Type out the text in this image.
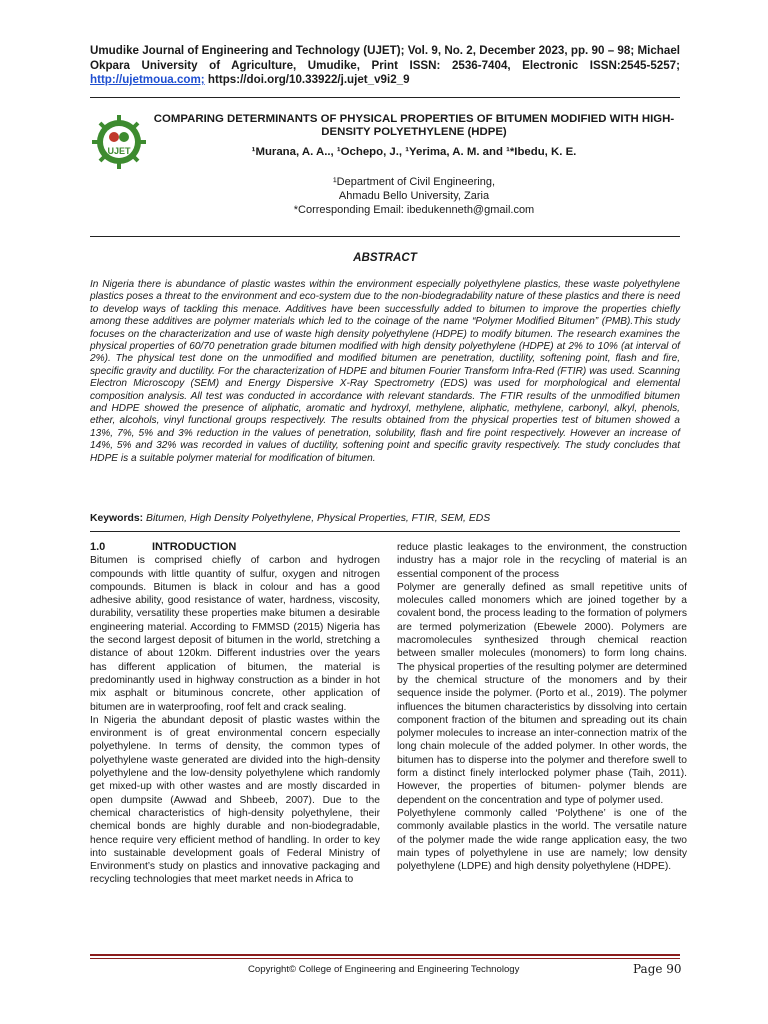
Umudike Journal of Engineering and Technology (UJET); Vol. 9, No. 2, December 2023, pp. 90 – 98; Michael Okpara University of Agriculture, Umudike, Print ISSN: 2536-7404, Electronic ISSN:2545-5257; http://ujetmoua.com; https://doi.org/10.33922/j.ujet_v9i2_9
UJET
COMPARING DETERMINANTS OF PHYSICAL PROPERTIES OF BITUMEN MODIFIED WITH HIGH-DENSITY POLYETHYLENE (HDPE)
¹Murana, A. A.., ¹Ochepo, J., ¹Yerima, A. M. and ¹*Ibedu, K. E.
¹Department of Civil Engineering,
Ahmadu Bello University, Zaria
*Corresponding Email: ibedukenneth@gmail.com
ABSTRACT
In Nigeria there is abundance of plastic wastes within the environment especially polyethylene plastics, these waste polyethylene plastics poses a threat to the environment and eco-system due to the non-biodegradability nature of these plastics and there is need to develop ways of tackling this menace. Additives have been successfully added to bitumen to improve the properties chiefly among these additives are polymer materials which led to the coinage of the name “Polymer Modified Bitumen” (PMB).This study focuses on the characterization and use of waste high density polyethylene (HDPE) to modify bitumen. The research examines the physical properties of 60/70 penetration grade bitumen modified with high density polyethylene (HDPE) at 2% to 10% (at interval of 2%). The physical test done on the unmodified and modified bitumen are penetration, ductility, softening point, flash and fire, specific gravity and ductility. For the characterization of HDPE and bitumen Fourier Transform Infra-Red (FTIR) was used. Scanning Electron Microscopy (SEM) and Energy Dispersive X-Ray Spectrometry (EDS) was used for morphological and elemental composition analysis. All test was conducted in accordance with relevant standards. The FTIR results of the unmodified bitumen and HDPE showed the presence of aliphatic, aromatic and hydroxyl, methylene, aliphatic, methylene, carbonyl, alkyl, phenols, ether, alcohols, vinyl functional groups respectively. The results obtained from the physical properties test of bitumen showed a 13%, 7%, 5% and 3% reduction in the values of penetration, solubility, flash and fire point respectively. However an increase of 14%, 5% and 32% was recorded in values of ductility, softening point and specific gravity respectively. The study concludes that HDPE is a suitable polymer material for modification of bitumen.
Keywords: Bitumen, High Density Polyethylene, Physical Properties, FTIR, SEM, EDS
1.0	INTRODUCTION

Bitumen is comprised chiefly of carbon and hydrogen compounds with little quantity of sulfur, oxygen and nitrogen compounds. Bitumen is black in colour and has a good adhesive ability, good resistance of water, hardness, viscosity, durability, versatility these properties make bitumen a desirable engineering material. According to FMMSD (2015) Nigeria has the second largest deposit of bitumen in the world, stretching a distance of about 120km. Different industries over the years has different application of bitumen, the material is predominantly used in highway construction as a binder in hot mix asphalt or bituminous concrete, other application of bitumen are in waterproofing, roof felt and crack sealing.

In Nigeria the abundant deposit of plastic wastes within the environment is of great environmental concern especially polyethylene. In terms of density, the common types of polyethylene waste generated are divided into the high-density polyethylene and the low-density polyethylene which randomly get mixed-up with other wastes and are mostly discarded in open dumpsite (Awwad and Shbeeb, 2007). Due to the chemical characteristics of high-density polyethylene, their chemical bonds are highly durable and non-biodegradable, hence require very efficient method of handling. In order to key into sustainable development goals of Federal Ministry of Environment’s study on plastics and innovative packaging and recycling technologies that meet market needs in Africa to

reduce plastic leakages to the environment, the construction industry has a major role in the recycling of material is an essential component of the process

Polymer are generally defined as small repetitive units of molecules called monomers which are joined together by a covalent bond, the process leading to the formation of polymers are termed polymerization (Ebewele 2000). Polymers are macromolecules synthesized through chemical reaction between smaller molecules (monomers) to form long chains. The physical properties of the resulting polymer are determined by the chemical structure of the monomers and by their sequence inside the polymer. (Porto et al., 2019). The polymer influences the bitumen characteristics by dissolving into certain component fraction of the bitumen and spreading out its chain polymer molecules to increase an inter-connection matrix of the long chain molecule of the added polymer. In other words, the bitumen has to disperse into the polymer and therefore swell to form a distinct finely interlocked polymer phase (Taih, 2011). However, the properties of bitumen- polymer blends are dependent on the concentration and type of polymer used.

Polyethylene commonly called ‘Polythene’ is one of the commonly available plastics in the world. The versatile nature of the polymer made the wide range application easy, the two main types of polyethylene in use are namely; low density polyethylene (LDPE) and high density polyethylene (HDPE).

Copyright© College of Engineering and Engineering Technology	Page 90
